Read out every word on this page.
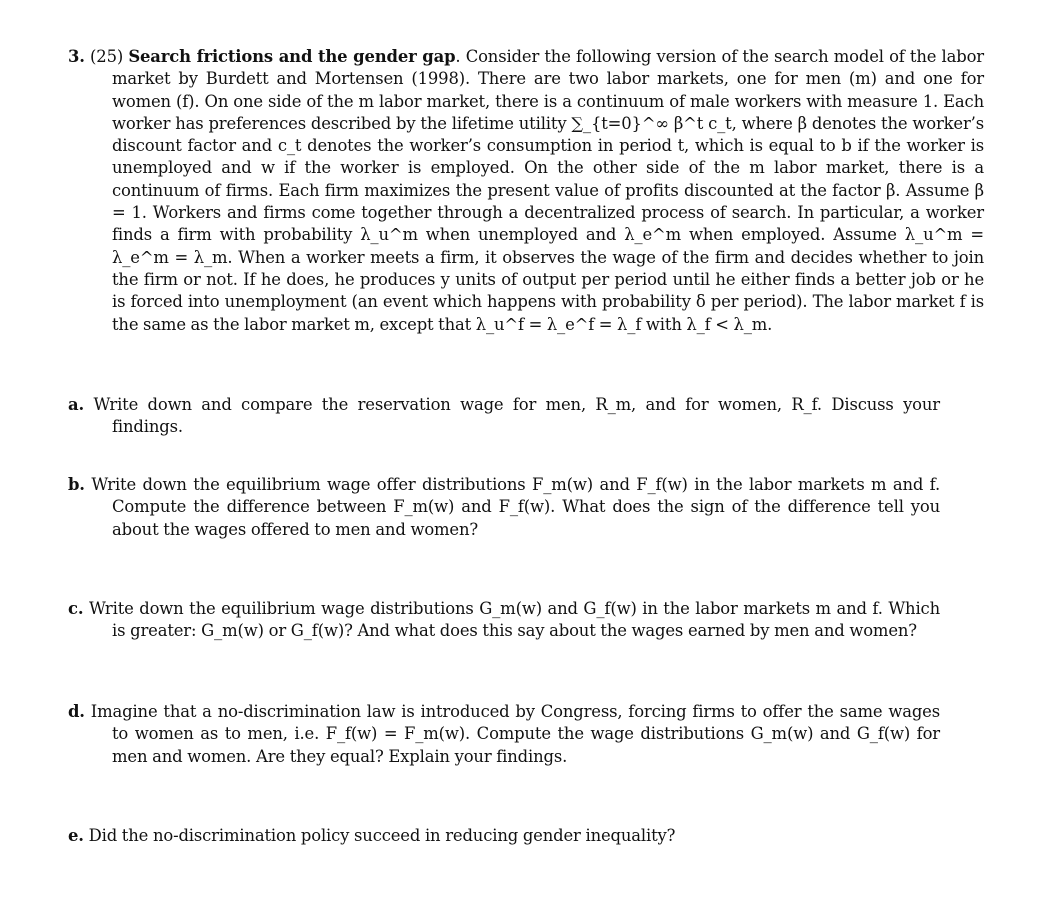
3. (25) Search frictions and the gender gap. Consider the following version of the search model of the labor market by Burdett and Mortensen (1998). There are two labor markets, one for men (m) and one for women (f). On one side of the m labor market, there is a continuum of male workers with measure 1. Each worker has preferences described by the lifetime utility ∑_{t=0}^∞ β^t c_t, where β denotes the worker’s discount factor and c_t denotes the worker’s consumption in period t, which is equal to b if the worker is unemployed and w if the worker is employed. On the other side of the m labor market, there is a continuum of firms. Each firm maximizes the present value of profits discounted at the factor β. Assume β = 1. Workers and firms come together through a decentralized process of search. In particular, a worker finds a firm with probability λ_u^m when unemployed and λ_e^m when employed. Assume λ_u^m = λ_e^m = λ_m. When a worker meets a firm, it observes the wage of the firm and decides whether to join the firm or not. If he does, he produces y units of output per period until he either finds a better job or he is forced into unemployment (an event which happens with probability δ per period). The labor market f is the same as the labor market m, except that λ_u^f = λ_e^f = λ_f with λ_f < λ_m.
a. Write down and compare the reservation wage for men, R_m, and for women, R_f. Discuss your findings.
b. Write down the equilibrium wage offer distributions F_m(w) and F_f(w) in the labor markets m and f. Compute the difference between F_m(w) and F_f(w). What does the sign of the difference tell you about the wages offered to men and women?
c. Write down the equilibrium wage distributions G_m(w) and G_f(w) in the labor markets m and f. Which is greater: G_m(w) or G_f(w)? And what does this say about the wages earned by men and women?
d. Imagine that a no-discrimination law is introduced by Congress, forcing firms to offer the same wages to women as to men, i.e. F_f(w) = F_m(w). Compute the wage distributions G_m(w) and G_f(w) for men and women. Are they equal? Explain your findings.
e. Did the no-discrimination policy succeed in reducing gender inequality?
